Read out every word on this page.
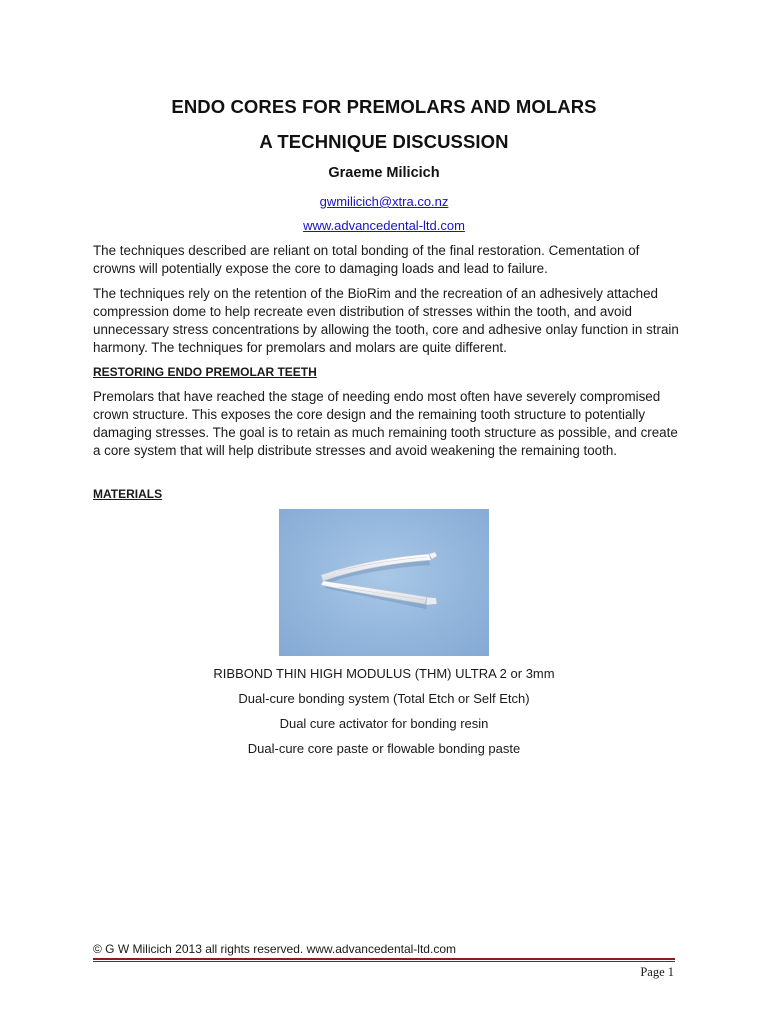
ENDO CORES FOR PREMOLARS AND MOLARS
A TECHNIQUE DISCUSSION
Graeme Milicich
gwmilicich@xtra.co.nz
www.advancedental-ltd.com

The techniques described are reliant on total bonding of the final restoration. Cementation of crowns will potentially expose the core to damaging loads and lead to failure.

The techniques rely on the retention of the BioRim and the recreation of an adhesively attached compression dome to help recreate even distribution of stresses within the tooth, and avoid unnecessary stress concentrations by allowing the tooth, core and adhesive onlay function in strain harmony. The techniques for premolars and molars are quite different.

RESTORING ENDO PREMOLAR TEETH

Premolars that have reached the stage of needing endo most often have severely compromised crown structure. This exposes the core design and the remaining tooth structure to potentially damaging stresses. The goal is to retain as much remaining tooth structure as possible, and create a core system that will help distribute stresses and avoid weakening the remaining tooth.

MATERIALS
RIBBOND THIN HIGH MODULUS (THM) ULTRA 2 or 3mm
Dual-cure bonding system (Total Etch or Self Etch)
Dual cure activator for bonding resin
Dual-cure core paste or flowable bonding paste
© G W Milicich 2013 all rights reserved. www.advancedental-ltd.com
Page 1
